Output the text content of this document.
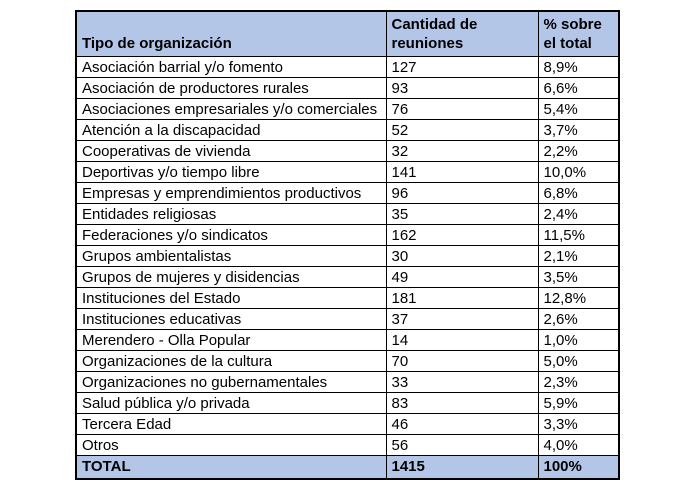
Tipo de organización	Cantidad de reuniones	% sobre el total
Asociación barrial y/o fomento	127	8,9%
Asociación de productores rurales	93	6,6%
Asociaciones empresariales y/o comerciales	76	5,4%
Atención a la discapacidad	52	3,7%
Cooperativas de vivienda	32	2,2%
Deportivas y/o tiempo libre	141	10,0%
Empresas y emprendimientos productivos	96	6,8%
Entidades religiosas	35	2,4%
Federaciones y/o sindicatos	162	11,5%
Grupos ambientalistas	30	2,1%
Grupos de mujeres y disidencias	49	3,5%
Instituciones del Estado	181	12,8%
Instituciones educativas	37	2,6%
Merendero - Olla Popular	14	1,0%
Organizaciones de la cultura	70	5,0%
Organizaciones no gubernamentales	33	2,3%
Salud pública y/o privada	83	5,9%
Tercera Edad	46	3,3%
Otros	56	4,0%
TOTAL	1415	100%
